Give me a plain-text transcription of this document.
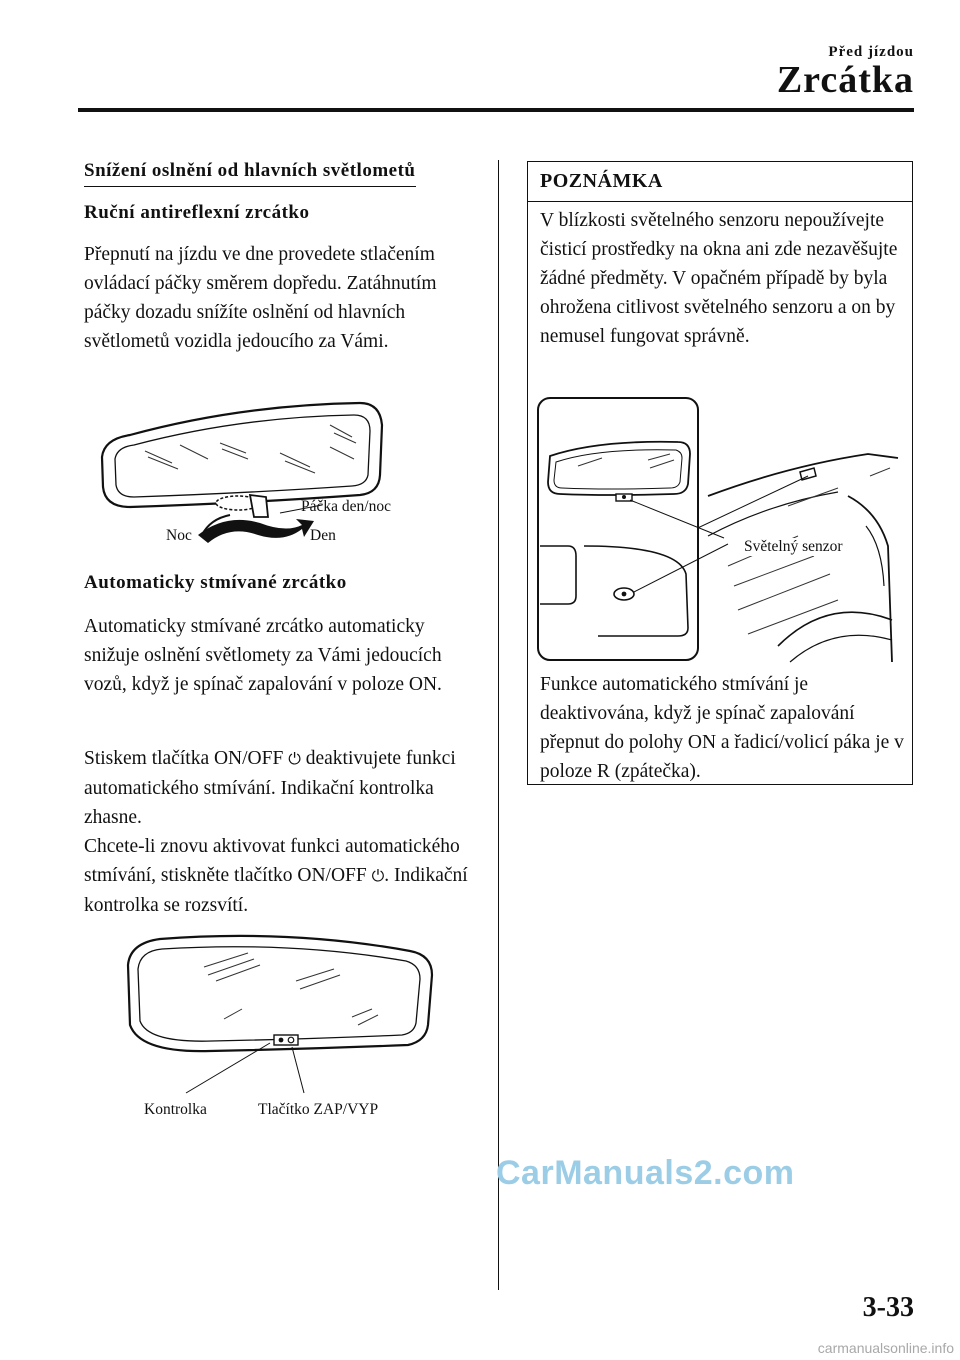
Před jízdou
Zrcátka
Snížení oslnění od hlavních světlometů
Ruční antireflexní zrcátko

Přepnutí na jízdu ve dne provedete stlačením ovládací páčky směrem dopředu. Zatáhnutím páčky dozadu snížíte oslnění od hlavních světlometů vozidla jedoucího za Vámi.

Páčka den/noc
Noc	Den
Automaticky stmívané zrcátko

Automaticky stmívané zrcátko automaticky snižuje oslnění světlomety za Vámi jedoucích vozů, když je spínač zapalování v poloze ON.

Stiskem tlačítka ON/OFF ⏻ deaktivujete funkci automatického stmívání. Indikační kontrolka zhasne.

Chcete-li znovu aktivovat funkci automatického stmívání, stiskněte tlačítko ON/OFF ⏻. Indikační kontrolka se rozsvítí.

Kontrolka	Tlačítko ZAP/VYP
POZNÁMKA

V blízkosti světelného senzoru nepoužívejte čisticí prostředky na okna ani zde nezavěšujte žádné předměty. V opačném případě by byla ohrožena citlivost světelného senzoru a on by nemusel fungovat správně.

Světelný senzor

Funkce automatického stmívání je deaktivována, když je spínač zapalování přepnut do polohy ON a řadicí/volicí páka je v poloze R (zpátečka).

CarManuals2.com
3-33
carmanualsonline.info
